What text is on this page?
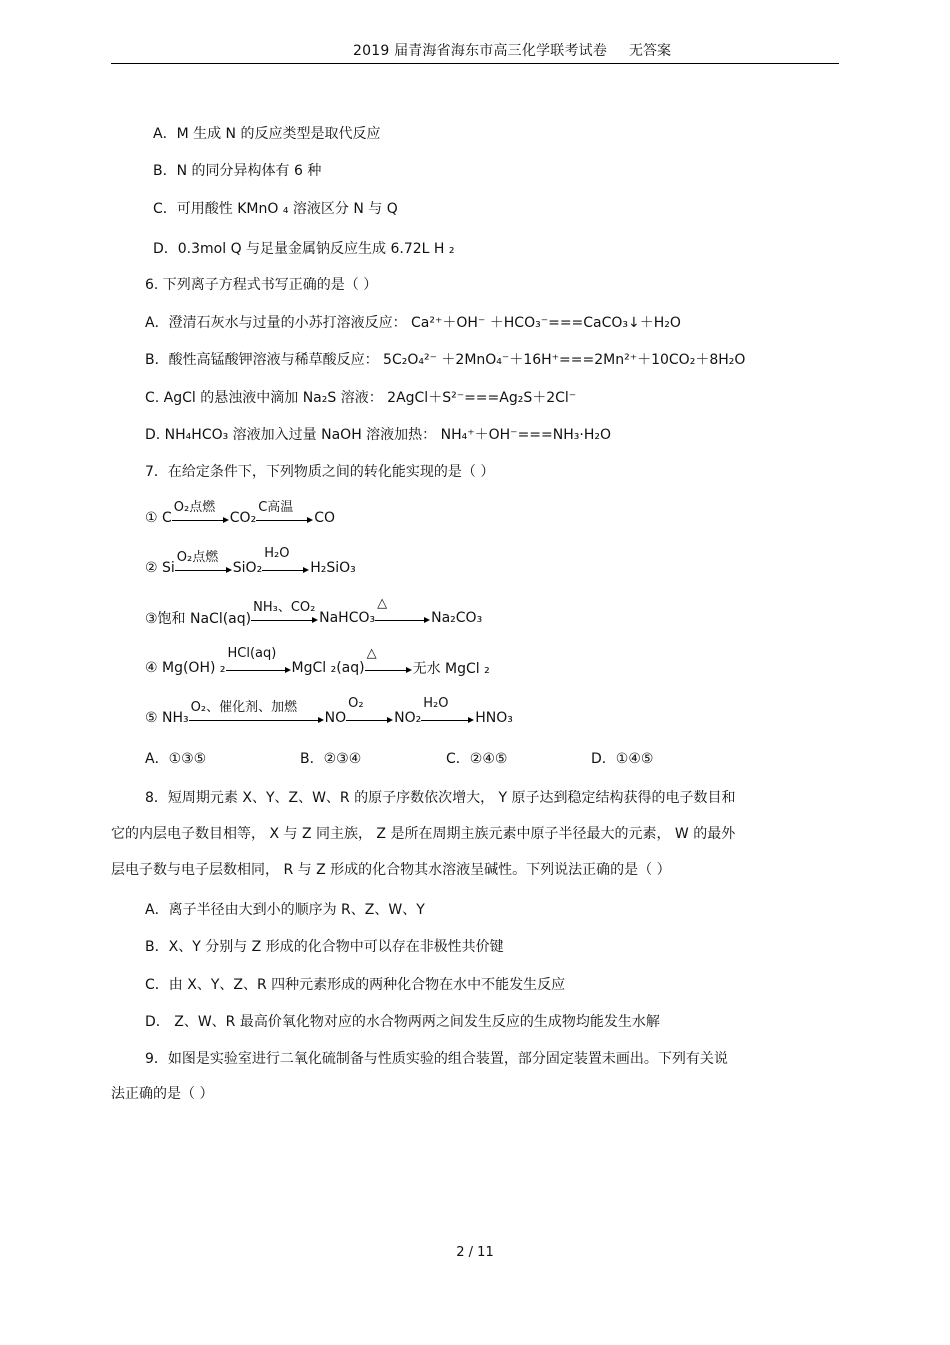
2019 届青海省海东市高三化学联考试卷 无答案
A．M 生成 N 的反应类型是取代反应
B．N 的同分异构体有 6 种
C．可用酸性 KMnO ₄ 溶液区分 N 与 Q
D．0.3mol Q 与足量金属钠反应生成 6.72L H ₂
6. 下列离子方程式书写正确的是（ ）
A．澄清石灰水与过量的小苏打溶液反应： Ca²⁺＋OH⁻ ＋HCO₃⁻===CaCO₃↓＋H₂O
B．酸性高锰酸钾溶液与稀草酸反应： 5C₂O₄²⁻ ＋2MnO₄⁻＋16H⁺===2Mn²⁺＋10CO₂＋8H₂O
C. AgCl 的悬浊液中滴加 Na₂S 溶液： 2AgCl＋S²⁻===Ag₂S＋2Cl⁻
D. NH₄HCO₃ 溶液加入过量 NaOH 溶液加热： NH₄⁺＋OH⁻===NH₃·H₂O
7．在给定条件下，下列物质之间的转化能实现的是（ ）
① C
O₂点燃
CO₂
C高温
CO
② Si
O₂点燃
SiO₂
H₂O
H₂SiO₃
③饱和 NaCl(aq)
NH₃、CO₂
NaHCO₃
△
Na₂CO₃
④ Mg(OH) ₂
HCl(aq)
MgCl ₂(aq)
△
无水 MgCl ₂
⑤ NH₃
O₂、催化剂、加燃
NO
O₂
NO₂
H₂O
HNO₃
A．①③⑤	B．②③④	C．②④⑤	D．①④⑤
8．短周期元素 X、Y、Z、W、R 的原子序数依次增大， Y 原子达到稳定结构获得的电子数目和
它的内层电子数目相等， X 与 Z 同主族， Z 是所在周期主族元素中原子半径最大的元素， W 的最外
层电子数与电子层数相同， R 与 Z 形成的化合物其水溶液呈碱性。下列说法正确的是（ ）
A．离子半径由大到小的顺序为 R、Z、W、Y
B．X、Y 分别与 Z 形成的化合物中可以存在非极性共价键
C．由 X、Y、Z、R 四种元素形成的两种化合物在水中不能发生反应
D． Z、W、R 最高价氧化物对应的水合物两两之间发生反应的生成物均能发生水解
9．如图是实验室进行二氧化硫制备与性质实验的组合装置，部分固定装置未画出。下列有关说
法正确的是（ ）
2 / 11
